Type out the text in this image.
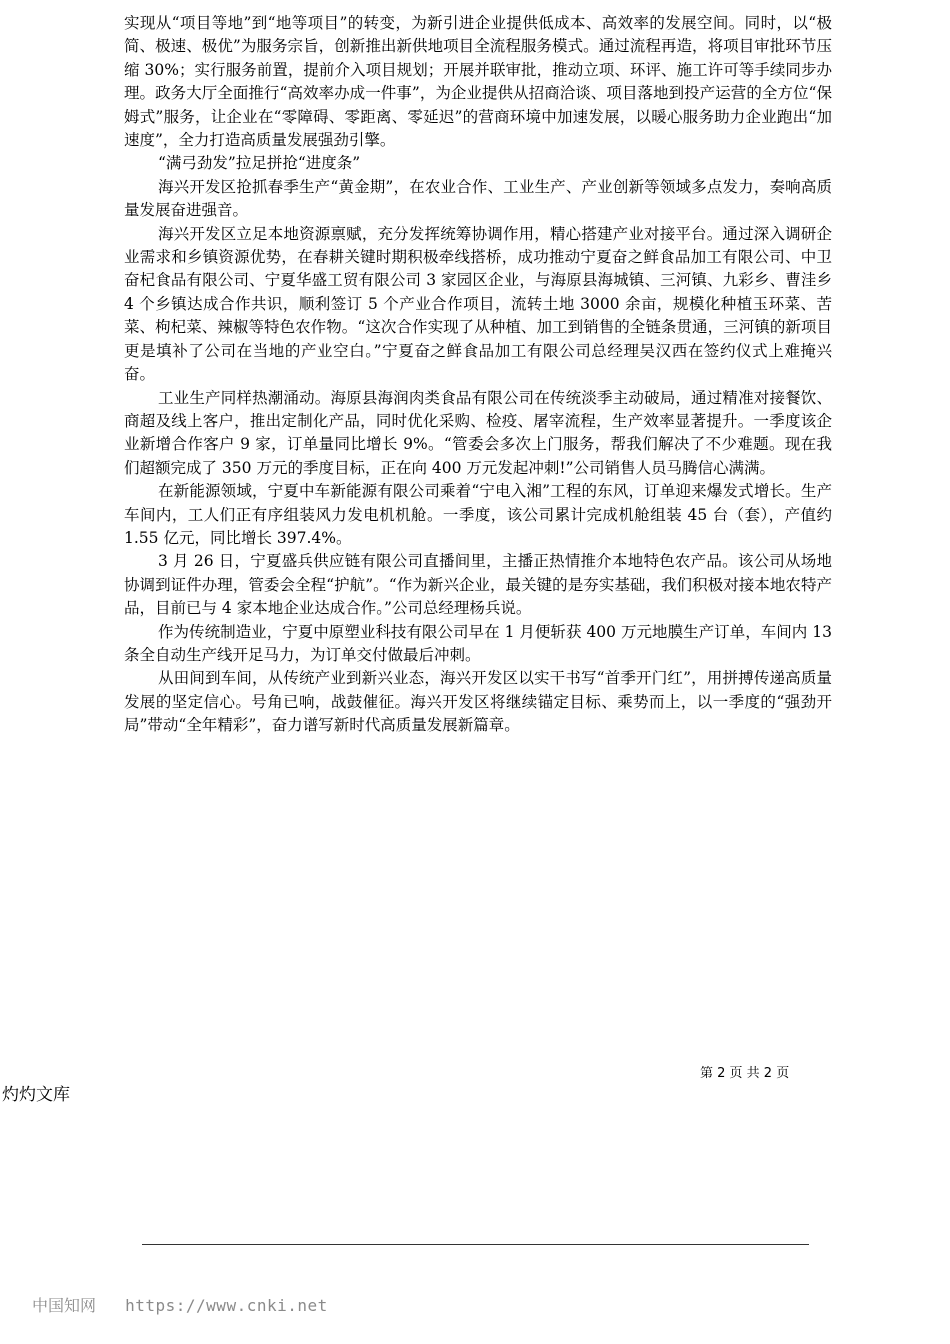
实现从“项目等地”到“地等项目”的转变，为新引进企业提供低成本、高效率的发展空间。同时，以“极简、极速、极优”为服务宗旨，创新推出新供地项目全流程服务模式。通过流程再造，将项目审批环节压缩 30%；实行服务前置，提前介入项目规划；开展并联审批，推动立项、环评、施工许可等手续同步办理。政务大厅全面推行“高效率办成一件事”，为企业提供从招商洽谈、项目落地到投产运营的全方位“保姆式”服务，让企业在“零障碍、零距离、零延迟”的营商环境中加速发展，以暖心服务助力企业跑出“加速度”，全力打造高质量发展强劲引擎。

“满弓劲发”拉足拼抢“进度条”

海兴开发区抢抓春季生产“黄金期”，在农业合作、工业生产、产业创新等领域多点发力，奏响高质量发展奋进强音。

海兴开发区立足本地资源禀赋，充分发挥统筹协调作用，精心搭建产业对接平台。通过深入调研企业需求和乡镇资源优势，在春耕关键时期积极牵线搭桥，成功推动宁夏奋之鲜食品加工有限公司、中卫奋杞食品有限公司、宁夏华盛工贸有限公司 3 家园区企业，与海原县海城镇、三河镇、九彩乡、曹洼乡 4 个乡镇达成合作共识，顺利签订 5 个产业合作项目，流转土地 3000 余亩，规模化种植玉环菜、苦菜、枸杞菜、辣椒等特色农作物。“这次合作实现了从种植、加工到销售的全链条贯通，三河镇的新项目更是填补了公司在当地的产业空白。”宁夏奋之鲜食品加工有限公司总经理吴汉西在签约仪式上难掩兴奋。

工业生产同样热潮涌动。海原县海润肉类食品有限公司在传统淡季主动破局，通过精准对接餐饮、商超及线上客户，推出定制化产品，同时优化采购、检疫、屠宰流程，生产效率显著提升。一季度该企业新增合作客户 9 家，订单量同比增长 9%。“管委会多次上门服务，帮我们解决了不少难题。现在我们超额完成了 350 万元的季度目标，正在向 400 万元发起冲刺!”公司销售人员马腾信心满满。

在新能源领域，宁夏中车新能源有限公司乘着“宁电入湘”工程的东风，订单迎来爆发式增长。生产车间内，工人们正有序组装风力发电机机舱。一季度，该公司累计完成机舱组装 45 台（套），产值约 1.55 亿元，同比增长 397.4%。

3 月 26 日，宁夏盛兵供应链有限公司直播间里，主播正热情推介本地特色农产品。该公司从场地协调到证件办理，管委会全程“护航”。“作为新兴企业，最关键的是夯实基础，我们积极对接本地农特产品，目前已与 4 家本地企业达成合作。”公司总经理杨兵说。

作为传统制造业，宁夏中原塑业科技有限公司早在 1 月便斩获 400 万元地膜生产订单，车间内 13 条全自动生产线开足马力，为订单交付做最后冲刺。

从田间到车间，从传统产业到新兴业态，海兴开发区以实干书写“首季开门红”，用拼搏传递高质量发展的坚定信心。号角已响，战鼓催征。海兴开发区将继续锚定目标、乘势而上，以一季度的“强劲开局”带动“全年精彩”，奋力谱写新时代高质量发展新篇章。

第 2 页 共 2 页
灼灼文库
中国知网 https://www.cnki.net
